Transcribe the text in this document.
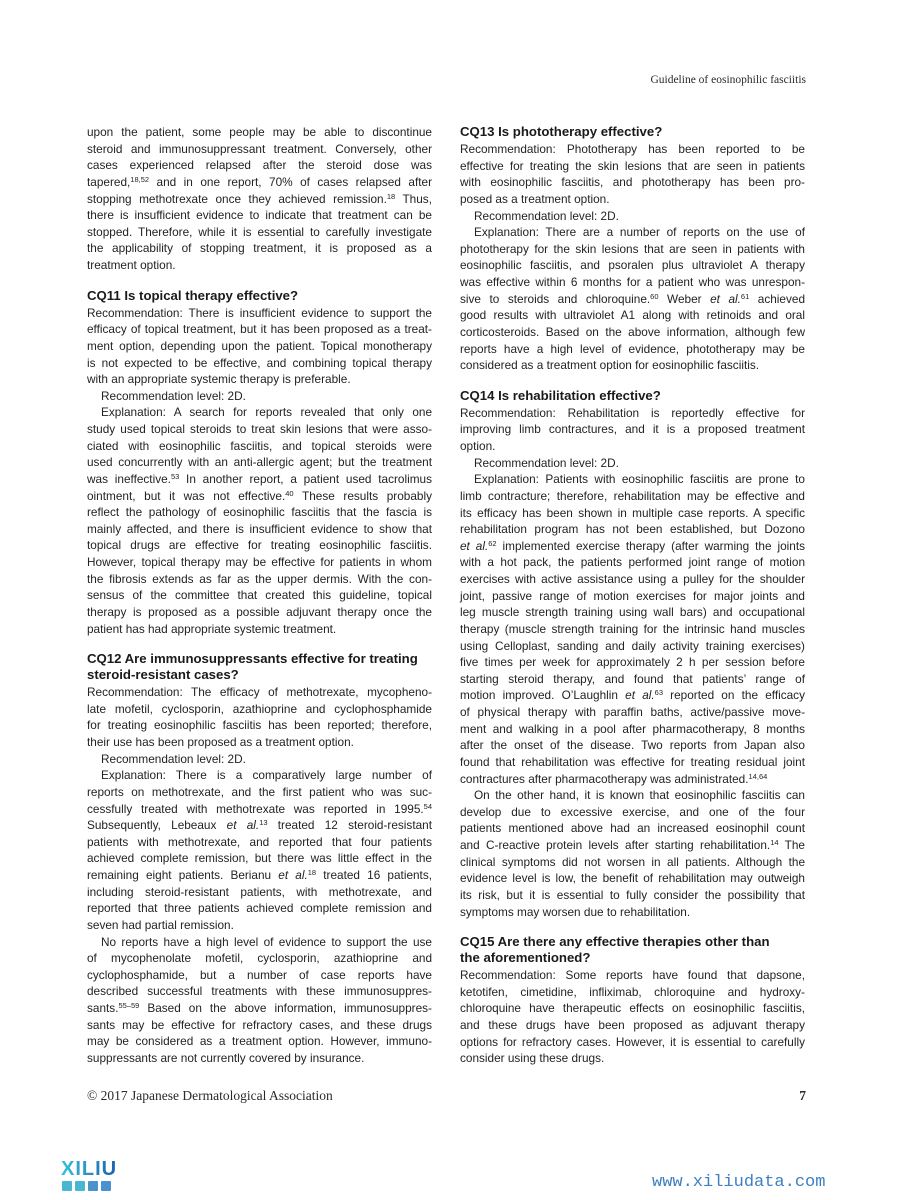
Guideline of eosinophilic fasciitis
upon the patient, some people may be able to discontinue
steroid and immunosuppressant treatment. Conversely, other
cases experienced relapsed after the steroid dose was
tapered,$^{18,52}$ and in one report, 70% of cases relapsed after
stopping methotrexate once they achieved remission.$^{18}$ Thus,
there is insufficient evidence to indicate that treatment can be
stopped. Therefore, while it is essential to carefully investigate
the applicability of stopping treatment, it is proposed as a
treatment option.
CQ11 Is topical therapy effective?
Recommendation: There is insufficient evidence to support the
efficacy of topical treatment, but it has been proposed as a treat-
ment option, depending upon the patient. Topical monotherapy
is not expected to be effective, and combining topical therapy
with an appropriate systemic therapy is preferable.
Recommendation level: 2D.
Explanation: A search for reports revealed that only one
study used topical steroids to treat skin lesions that were asso-
ciated with eosinophilic fasciitis, and topical steroids were
used concurrently with an anti-allergic agent; but the treatment
was ineffective.$^{53}$ In another report, a patient used tacrolimus
ointment, but it was not effective.$^{40}$ These results probably
reflect the pathology of eosinophilic fasciitis that the fascia is
mainly affected, and there is insufficient evidence to show that
topical drugs are effective for treating eosinophilic fasciitis.
However, topical therapy may be effective for patients in whom
the fibrosis extends as far as the upper dermis. With the con-
sensus of the committee that created this guideline, topical
therapy is proposed as a possible adjuvant therapy once the
patient has had appropriate systemic treatment.
CQ12 Are immunosuppressants effective for treating
steroid-resistant cases?
Recommendation: The efficacy of methotrexate, mycopheno-
late mofetil, cyclosporin, azathioprine and cyclophosphamide
for treating eosinophilic fasciitis has been reported; therefore,
their use has been proposed as a treatment option.
Recommendation level: 2D.
Explanation: There is a comparatively large number of
reports on methotrexate, and the first patient who was suc-
cessfully treated with methotrexate was reported in 1995.54
Subsequently, Lebeaux et al.$^{13}$ treated 12 steroid-resistant
patients with methotrexate, and reported that four patients
achieved complete remission, but there was little effect in the
remaining eight patients. Berianu et al.$^{18}$ treated 16 patients,
including steroid-resistant patients, with methotrexate, and
reported that three patients achieved complete remission and
seven had partial remission.
No reports have a high level of evidence to support the use
of mycophenolate mofetil, cyclosporin, azathioprine and
cyclophosphamide, but a number of case reports have
described successful treatments with these immunosuppres-
sants.$^{55-59}$ Based on the above information, immunosuppres-
sants may be effective for refractory cases, and these drugs
may be considered as a treatment option. However, immuno-
suppressants are not currently covered by insurance.
CQ13 Is phototherapy effective?
Recommendation: Phototherapy has been reported to be
effective for treating the skin lesions that are seen in patients
with eosinophilic fasciitis, and phototherapy has been pro-
posed as a treatment option.
Recommendation level: 2D.
Explanation: There are a number of reports on the use of
phototherapy for the skin lesions that are seen in patients with
eosinophilic fasciitis, and psoralen plus ultraviolet A therapy
was effective within 6 months for a patient who was unrespon-
sive to steroids and chloroquine.$^{60}$ Weber et al.$^{61}$ achieved
good results with ultraviolet A1 along with retinoids and oral
corticosteroids. Based on the above information, although few
reports have a high level of evidence, phototherapy may be
considered as a treatment option for eosinophilic fasciitis.
CQ14 Is rehabilitation effective?
Recommendation: Rehabilitation is reportedly effective for
improving limb contractures, and it is a proposed treatment
option.
Recommendation level: 2D.
Explanation: Patients with eosinophilic fasciitis are prone to
limb contracture; therefore, rehabilitation may be effective and
its efficacy has been shown in multiple case reports. A specific
rehabilitation program has not been established, but Dozono
et al.$^{62}$ implemented exercise therapy (after warming the joints
with a hot pack, the patients performed joint range of motion
exercises with active assistance using a pulley for the shoulder
joint, passive range of motion exercises for major joints and
leg muscle strength training using wall bars) and occupational
therapy (muscle strength training for the intrinsic hand muscles
using Celloplast, sanding and daily activity training exercises)
five times per week for approximately 2 h per session before
starting steroid therapy, and found that patients’ range of
motion improved. O’Laughlin et al.$^{63}$ reported on the efficacy
of physical therapy with paraffin baths, active/passive move-
ment and walking in a pool after pharmacotherapy, 8 months
after the onset of the disease. Two reports from Japan also
found that rehabilitation was effective for treating residual joint
contractures after pharmacotherapy was administrated.$^{14,64}$
On the other hand, it is known that eosinophilic fasciitis can
develop due to excessive exercise, and one of the four
patients mentioned above had an increased eosinophil count
and C-reactive protein levels after starting rehabilitation.$^{14}$ The
clinical symptoms did not worsen in all patients. Although the
evidence level is low, the benefit of rehabilitation may outweigh
its risk, but it is essential to fully consider the possibility that
symptoms may worsen due to rehabilitation.
CQ15 Are there any effective therapies other than
the aforementioned?
Recommendation: Some reports have found that dapsone,
ketotifen, cimetidine, infliximab, chloroquine and hydroxy-
chloroquine have therapeutic effects on eosinophilic fasciitis,
and these drugs have been proposed as adjuvant therapy
options for refractory cases. However, it is essential to carefully
consider using these drugs.
© 2017 Japanese Dermatological Association	7
XILIU
www.xiliudata.com
